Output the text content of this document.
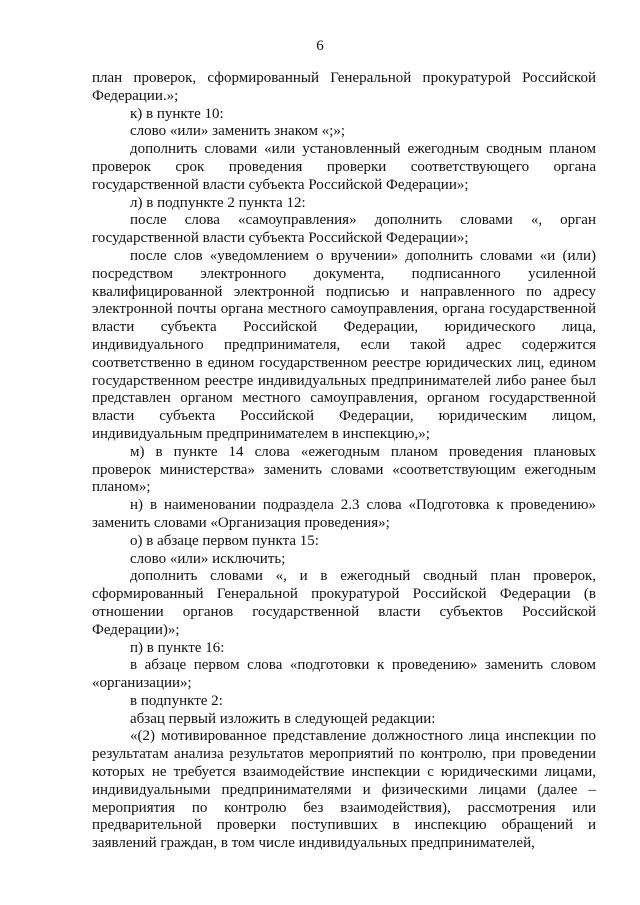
6

план проверок, сформированный Генеральной прокуратурой Российской Федерации.»;

к) в пункте 10:

слово «или» заменить знаком «;»;

дополнить словами «или установленный ежегодным сводным планом проверок срок проведения проверки соответствующего органа государственной власти субъекта Российской Федерации»;

л) в подпункте 2 пункта 12:

после слова «самоуправления» дополнить словами «, орган государственной власти субъекта Российской Федерации»;

после слов «уведомлением о вручении» дополнить словами «и (или) посредством электронного документа, подписанного усиленной квалифицированной электронной подписью и направленного по адресу электронной почты органа местного самоуправления, органа государственной власти субъекта Российской Федерации, юридического лица, индивидуального предпринимателя, если такой адрес содержится соответственно в едином государственном реестре юридических лиц, едином государственном реестре индивидуальных предпринимателей либо ранее был представлен органом местного самоуправления, органом государственной власти субъекта Российской Федерации, юридическим лицом, индивидуальным предпринимателем в инспекцию,»;

м) в пункте 14 слова «ежегодным планом проведения плановых проверок министерства» заменить словами «соответствующим ежегодным планом»;

н) в наименовании подраздела 2.3 слова «Подготовка к проведению» заменить словами «Организация проведения»;

о) в абзаце первом пункта 15:

слово «или» исключить;

дополнить словами «, и в ежегодный сводный план проверок, сформированный Генеральной прокуратурой Российской Федерации (в отношении органов государственной власти субъектов Российской Федерации)»;

п) в пункте 16:

в абзаце первом слова «подготовки к проведению» заменить словом «организации»;

в подпункте 2:

абзац первый изложить в следующей редакции:

«(2) мотивированное представление должностного лица инспекции по результатам анализа результатов мероприятий по контролю, при проведении которых не требуется взаимодействие инспекции с юридическими лицами, индивидуальными предпринимателями и физическими лицами (далее – мероприятия по контролю без взаимодействия), рассмотрения или предварительной проверки поступивших в инспекцию обращений и заявлений граждан, в том числе индивидуальных предпринимателей,
